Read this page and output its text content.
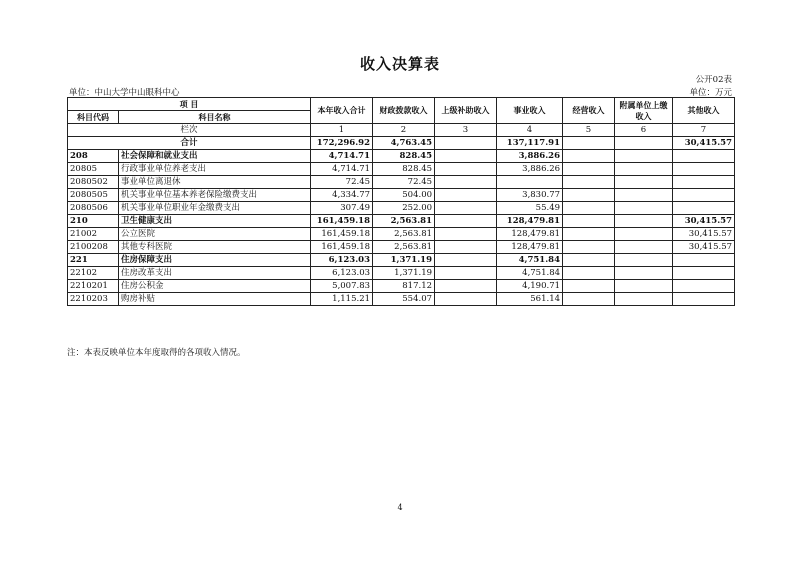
收入决算表
公开02表
单位：中山大学中山眼科中心	单位：万元
项 目		本年收入合计	财政拨款收入	上级补助收入	事业收入	经营收入	附属单位上缴收入	其他收入
科目代码	科目名称							
栏次		1	2	3	4	5	6	7
合计		172,296.92	4,763.45		137,117.91			30,415.57
208	社会保障和就业支出	4,714.71	828.45		3,886.26			
20805	行政事业单位养老支出	4,714.71	828.45		3,886.26			
2080502	事业单位离退休	72.45	72.45					
2080505	机关事业单位基本养老保险缴费支出	4,334.77	504.00		3,830.77			
2080506	机关事业单位职业年金缴费支出	307.49	252.00		55.49			
210	卫生健康支出	161,459.18	2,563.81		128,479.81			30,415.57
21002	公立医院	161,459.18	2,563.81		128,479.81			30,415.57
2100208	其他专科医院	161,459.18	2,563.81		128,479.81			30,415.57
221	住房保障支出	6,123.03	1,371.19		4,751.84			
22102	住房改革支出	6,123.03	1,371.19		4,751.84			
2210201	住房公积金	5,007.83	817.12		4,190.71			
2210203	购房补贴	1,115.21	554.07		561.14			
注：本表反映单位本年度取得的各项收入情况。
4
